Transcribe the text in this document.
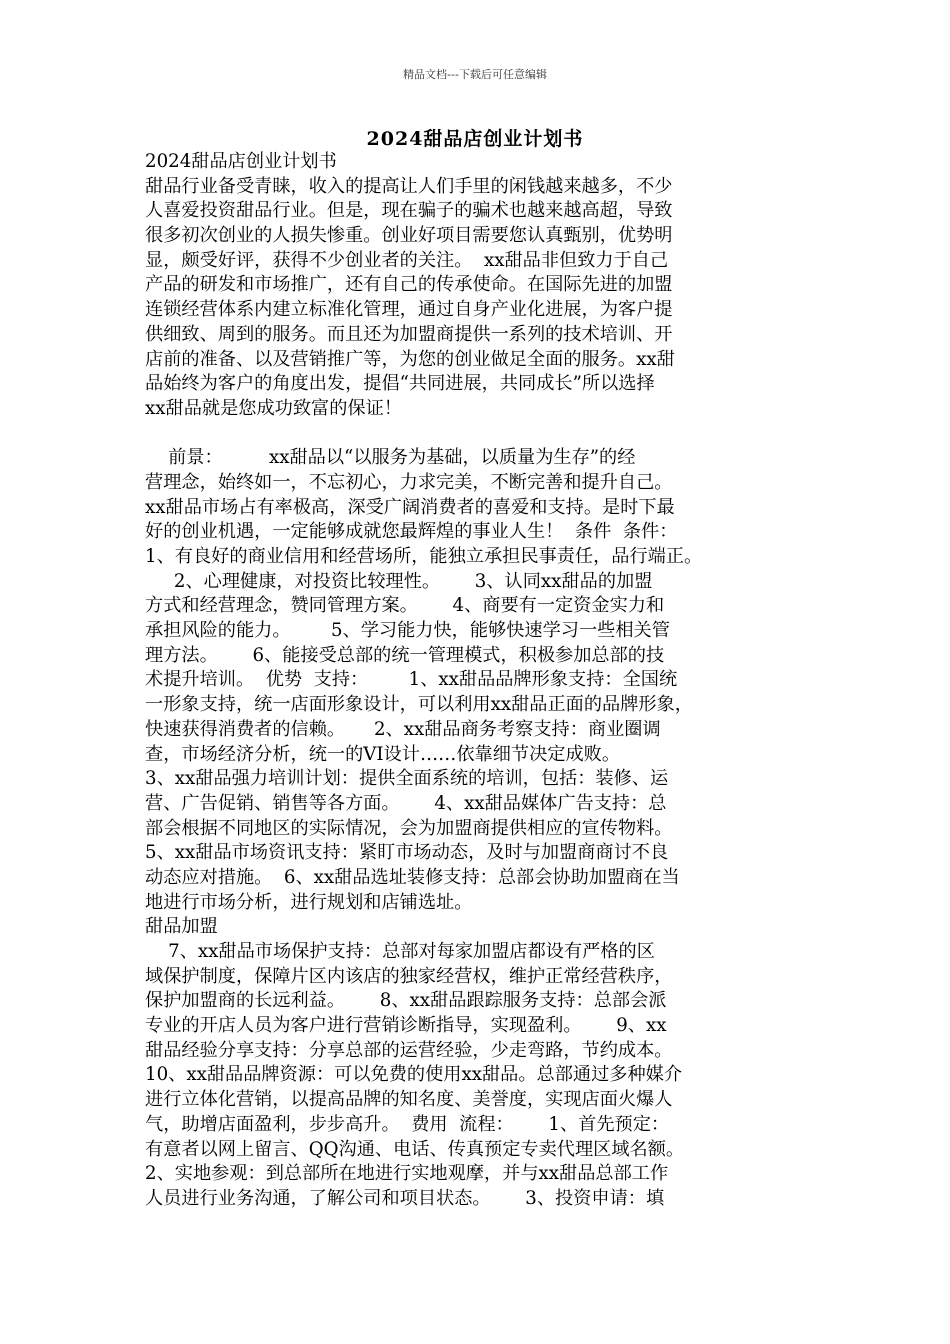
精品文档---下载后可任意编辑
2024甜品店创业计划书
2024甜品店创业计划书
甜品行业备受青睐，收入的提高让人们手里的闲钱越来越多，不少
人喜爱投资甜品行业。但是，现在骗子的骗术也越来越高超，导致
很多初次创业的人损失惨重。创业好项目需要您认真甄别，优势明
显，颇受好评，获得不少创业者的关注。  xx甜品非但致力于自己
产品的研发和市场推广，还有自己的传承使命。在国际先进的加盟
连锁经营体系内建立标准化管理，通过自身产业化进展，为客户提
供细致、周到的服务。而且还为加盟商提供一系列的技术培训、开
店前的准备、以及营销推广等，为您的创业做足全面的服务。xx甜
品始终为客户的角度出发，提倡“共同进展，共同成长”所以选择
xx甜品就是您成功致富的保证！
前景：        xx甜品以“以服务为基础，以质量为生存”的经
营理念，始终如一，不忘初心，力求完美，不断完善和提升自己。
xx甜品市场占有率极高，深受广阔消费者的喜爱和支持。是时下最
好的创业机遇，一定能够成就您最辉煌的事业人生！  条件  条件：
1、有良好的商业信用和经营场所，能独立承担民事责任，品行端正。
2、心理健康，对投资比较理性。      3、认同xx甜品的加盟
方式和经营理念，赞同管理方案。      4、商要有一定资金实力和
承担风险的能力。       5、学习能力快，能够快速学习一些相关管
理方法。      6、能接受总部的统一管理模式，积极参加总部的技
术提升培训。  优势  支持：       1、xx甜品品牌形象支持：全国统
一形象支持，统一店面形象设计，可以利用xx甜品正面的品牌形象，
快速获得消费者的信赖。     2、xx甜品商务考察支持：商业圈调
查，市场经济分析，统一的VI设计……依靠细节决定成败。
3、xx甜品强力培训计划：提供全面系统的培训，包括：装修、运
营、广告促销、销售等各方面。      4、xx甜品媒体广告支持：总
部会根据不同地区的实际情况，会为加盟商提供相应的宣传物料。
5、xx甜品市场资讯支持：紧盯市场动态，及时与加盟商商讨不良
动态应对措施。  6、xx甜品选址装修支持：总部会协助加盟商在当
地进行市场分析，进行规划和店铺选址。
甜品加盟
7、xx甜品市场保护支持：总部对每家加盟店都设有严格的区
域保护制度，保障片区内该店的独家经营权，维护正常经营秩序，
保护加盟商的长远利益。      8、xx甜品跟踪服务支持：总部会派
专业的开店人员为客户进行营销诊断指导，实现盈利。      9、xx
甜品经验分享支持：分享总部的运营经验，少走弯路，节约成本。
10、xx甜品品牌资源：可以免费的使用xx甜品。总部通过多种媒介
进行立体化营销，以提高品牌的知名度、美誉度，实现店面火爆人
气，助增店面盈利，步步高升。  费用  流程：      1、首先预定：
有意者以网上留言、QQ沟通、电话、传真预定专卖代理区域名额。
2、实地参观：到总部所在地进行实地观摩，并与xx甜品总部工作
人员进行业务沟通，了解公司和项目状态。      3、投资申请：填
